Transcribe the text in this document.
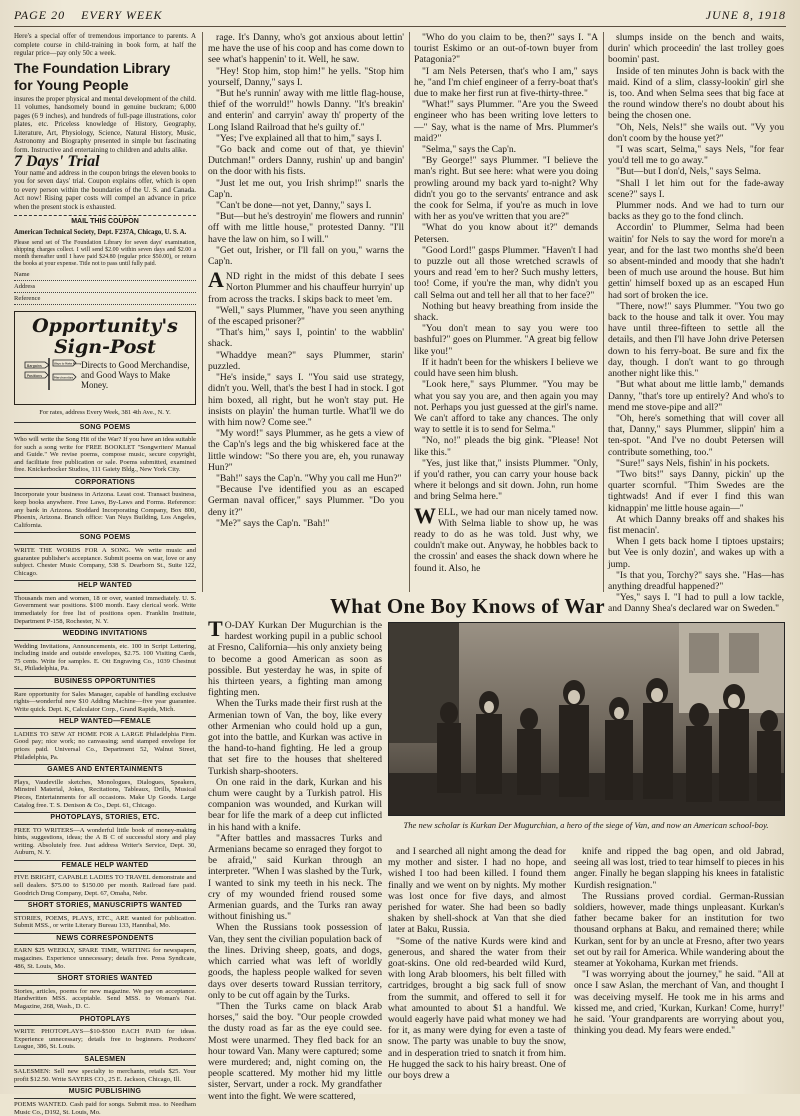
PAGE 20 EVERY WEEK	JUNE 8, 1918

Here's a special offer of tremendous importance to parents. A complete course in child-training in book form, at half the regular price—pay only 50c a week.

The Foundation Library
for Young People

insures the proper physical and mental development of the child. 11 volumes, handsomely bound in genuine buckram; 6,000 pages (6 9 inches), and hundreds of full-page illustrations, color plates, etc. Priceless knowledge of History, Geography, Literature, Art, Physiology, Science, Natural History, Music, Astronomy and Biography presented in simple but fascinating form. Instructive and entertaining to children and adults alike.

7 Days' Trial

Your name and address in the coupon brings the eleven books to you for seven days' trial. Coupon explains offer, which is open to every person within the boundaries of the U. S. and Canada. Act now! Rising paper costs will compel an advance in price when the present stock is exhausted.

MAIL THIS COUPON

American Technical Society, Dept. F237A, Chicago, U. S. A.

Please send set of The Foundation Library for seven days' examination, shipping charges collect. I will send $2.00 within seven days and $2.00 a month thereafter until I have paid $24.80 (regular price $50.00), or return the books at your expense. Title not to pass until fully paid.

Name
Address
Reference
Opportunity's
Sign-Post
Bargains	Ways to Make Money
Positions	Merchandise
Directs to Good Merchandise, and Good Ways to Make Money.
For rates, address Every Week, 381 4th Ave., N. Y.
SONG POEMS

Who will write the Song Hit of the War? If you have an idea suitable for such a song write for FREE BOOKLET "Songwriters' Manual and Guide." We revise poems, compose music, secure copyright, and facilitate free publication or sale. Poems submitted, examined free. Knickerbocker Studios, 111 Gaiety Bldg., New York City.

CORPORATIONS

Incorporate your business in Arizona. Least cost. Transact business, keep books anywhere. Free Laws, By-Laws and Forms. Reference: any bank in Arizona. Stoddard Incorporating Company, Box 800, Phoenix, Arizona. Branch office: Van Nuys Building, Los Angeles, California.

SONG POEMS

WRITE THE WORDS FOR A SONG. We write music and guarantee publisher's acceptance. Submit poems on war, love or any subject. Chester Music Company, 538 S. Dearborn St., Suite 122, Chicago.

HELP WANTED

Thousands men and women, 18 or over, wanted immediately. U. S. Government war positions. $100 month. Easy clerical work. Write immediately for free list of positions open. Franklin Institute, Department P-158, Rochester, N. Y.

WEDDING INVITATIONS

Wedding Invitations, Announcements, etc. 100 in Script Lettering, including inside and outside envelopes, $2.75. 100 Visiting Cards, 75 cents. Write for samples. E. Ott Engraving Co., 1039 Chestnut St., Philadelphia, Pa.

BUSINESS OPPORTUNITIES

Rare opportunity for Sales Manager, capable of handling exclusive rights—wonderful new $10 Adding Machine—five year guarantee. Write quick. Dept. K, Calculator Corp., Grand Rapids, Mich.

HELP WANTED—FEMALE

LADIES TO SEW AT HOME FOR A LARGE Philadelphia Firm. Good pay; nice work; no canvassing; send stamped envelope for prices paid. Universal Co., Department 52, Walnut Street, Philadelphia, Pa.

GAMES AND ENTERTAINMENTS

Plays, Vaudeville sketches, Monologues, Dialogues, Speakers, Minstrel Material, Jokes, Recitations, Tableaux, Drills, Musical Pieces, Entertainments for all occasions. Make Up Goods. Large Catalog free. T. S. Denison & Co., Dept. 61, Chicago.

PHOTOPLAYS, STORIES, ETC.

FREE TO WRITERS—A wonderful little book of money-making hints, suggestions, ideas; the A B C of successful story and play writing. Absolutely free. Just address Writer's Service, Dept. 30, Auburn, N. Y.

FEMALE HELP WANTED

FIVE BRIGHT, CAPABLE LADIES TO TRAVEL demonstrate and sell dealers. $75.00 to $150.00 per month. Railroad fare paid. Goodrich Drug Company, Dept. 67, Omaha, Nebr.

SHORT STORIES, MANUSCRIPTS WANTED

STORIES, POEMS, PLAYS, ETC., ARE wanted for publication. Submit MSS., or write Literary Bureau 133, Hannibal, Mo.

NEWS CORRESPONDENTS

EARN $25 WEEKLY, SPARE TIME, WRITING for newspapers, magazines. Experience unnecessary; details free. Press Syndicate, 486, St. Louis, Mo.

SHORT STORIES WANTED

Stories, articles, poems for new magazine. We pay on acceptance. Handwritten MSS. acceptable. Send MSS. to Woman's Nat. Magazine, 268, Wash., D. C.

PHOTOPLAYS

WRITE PHOTOPLAYS—$10-$500 EACH PAID for ideas. Experience unnecessary; details free to beginners. Producers' League, 386, St. Louis.

SALESMEN

SALESMEN: Sell new specialty to merchants, retails $25. Your profit $12.50. Write SAYERS CO., 25 E. Jackson, Chicago, Ill.

MUSIC PUBLISHING

POEMS WANTED. Cash paid for songs. Submit mss. to Needham Music Co., D192, St. Louis, Mo.

rage. It's Danny, who's got anxious about lettin' me have the use of his coop and has come down to see what's happenin' to it. Well, he saw.

"Hey! Stop him, stop him!" he yells. "Stop him yourself, Danny," says I.

"But he's runnin' away with me little flag-house, thief of the worruld!" howls Danny. "It's breakin' and enterin' and carryin' away th' property of the Long Island Railroad that he's guilty of."

"Yes; I've explained all that to him," says I.

"Go back and come out of that, ye thievin' Dutchman!" orders Danny, rushin' up and bangin' on the door with his fists.

"Just let me out, you Irish shrimp!" snarls the Cap'n.

"Can't be done—not yet, Danny," says I.

"But—but he's destroyin' me flowers and runnin' off with me little house," protested Danny. "I'll have the law on him, so I will."

"Get out, Irisher, or I'll fall on you," warns the Cap'n.

AND right in the midst of this debate I sees Norton Plummer and his chauffeur hurryin' up from across the tracks. I skips back to meet 'em.

"Well," says Plummer, "have you seen anything of the escaped prisoner?"

"That's him," says I, pointin' to the wabblin' shack.

"Whaddye mean?" says Plummer, starin' puzzled.

"He's inside," says I. "You said use strategy, didn't you. Well, that's the best I had in stock. I got him boxed, all right, but he won't stay put. He insists on playin' the human turtle. What'll we do with him now? Come see."

"My word!" says Plummer, as he gets a view of the Cap'n's legs and the big whiskered face at the little window: "So there you are, eh, you runaway Hun?"

"Bah!" says the Cap'n. "Why you call me Hun?"

"Because I've identified you as an escaped German naval officer," says Plummer. "Do you deny it?"

"Me?" says the Cap'n. "Bah!"

"Who do you claim to be, then?" says I. "A tourist Eskimo or an out-of-town buyer from Patagonia?"

"I am Nels Petersen, that's who I am," says he, "and I'm chief engineer of a ferry-boat that's due to make her first run at five-thirty-three."

"What!" says Plummer. "Are you the Sweed engineer who has been writing love letters to—" Say, what is the name of Mrs. Plummer's maid?"

"Selma," says the Cap'n.

"By George!" says Plummer. "I believe the man's right. But see here: what were you doing prowling around my back yard to-night? Why didn't you go to the servants' entrance and ask the cook for Selma, if you're as much in love with her as you've written that you are?"

"What do you know about it?" demands Petersen.

"Good Lord!" gasps Plummer. "Haven't I had to puzzle out all those wretched scrawls of yours and read 'em to her? Such mushy letters, too! Come, if you're the man, why didn't you call Selma out and tell her all that to her face?"

Nothing but heavy breathing from inside the shack.

"You don't mean to say you were too bashful?" goes on Plummer. "A great big fellow like you!"

If it hadn't been for the whiskers I believe we could have seen him blush.

"Look here," says Plummer. "You may be what you say you are, and then again you may not. Perhaps you just guessed at the girl's name. We can't afford to take any chances. The only way to settle it is to send for Selma."

"No, no!" pleads the big gink. "Please! Not like this."

"Yes, just like that," insists Plummer. "Only, if you'd rather, you can carry your house back where it belongs and sit down. John, run home and bring Selma here."

WELL, we had our man nicely tamed now. With Selma liable to show up, he was ready to do as he was told. Just why, we couldn't make out. Anyway, he hobbles back to the crossin' and eases the shack down where he found it. Also, he

slumps inside on the bench and waits, durin' which proceedin' the last trolley goes boomin' past.

Inside of ten minutes John is back with the maid. Kind of a slim, classy-lookin' girl she is, too. And when Selma sees that big face at the round window there's no doubt about his being the chosen one.

"Oh, Nels, Nels!" she wails out. "Vy you don't coom by the house yet?"

"I was scart, Selma," says Nels, "for fear you'd tell me to go away."

"But—but I don'd, Nels," says Selma.

"Shall I let him out for the fade-away scene?" says I.

Plummer nods. And we had to turn our backs as they go to the fond clinch.

Accordin' to Plummer, Selma had been waitin' for Nels to say the word for more'n a year, and for the last two months she'd been so absent-minded and moody that she hadn't been of much use around the house. But him gettin' himself boxed up as an escaped Hun had sort of broken the ice.

"There, now!" says Plummer. "You two go back to the house and talk it over. You may have until three-fifteen to settle all the details, and then I'll have John drive Petersen down to his ferry-boat. Be sure and fix the day, though. I don't want to go through another night like this."

"But what about me little lamb," demands Danny, "that's tore up entirely? And who's to mend me stove-pipe and all?"

"Oh, here's something that will cover all that, Danny," says Plummer, slippin' him a ten-spot. "And I've no doubt Petersen will contribute something, too."

"Sure!" says Nels, fishin' in his pockets.

"Two bits!" says Danny, pickin' up the quarter scornful. "Thim Swedes are the tightwads! And if ever I find this wan kidnappin' me little house again—"

At which Danny breaks off and shakes his fist menacin'.

When I gets back home I tiptoes upstairs; but Vee is only dozin', and wakes up with a jump.

"Is that you, Torchy?" says she. "Has—has anything dreadful happened?"

"Yes," says I. "I had to pull a low tackle, and Danny Shea's declared war on Sweden."

What One Boy Knows of War

T O-DAY Kurkan Der Mugurchian is the hardest working pupil in a public school at Fresno, California—his only anxiety being to become a good American as soon as possible. But yesterday he was, in spite of his thirteen years, a fighting man among fighting men.

When the Turks made their first rush at the Armenian town of Van, the boy, like every other Armenian who could hold up a gun, got into the battle, and Kurkan was active in the hand-to-hand fighting. He led a group that set fire to the houses that sheltered Turkish sharp-shooters.

On one raid in the dark, Kurkan and his chum were caught by a Turkish patrol. His companion was wounded, and Kurkan will bear for life the mark of a deep cut inflicted in his hand with a knife.

"After battles and massacres Turks and Armenians became so enraged they forgot to be afraid," said Kurkan through an interpreter. "When I was slashed by the Turk, I wanted to sink my teeth in his neck. The cry of my wounded friend roused some Armenian guards, and the Turks ran away without finishing us."

When the Russians took possession of Van, they sent the civilian population back of the lines. Driving sheep, goats, and dogs, which carried what was left of worldly goods, the hapless people walked for seven days over deserts toward Russian territory, only to be cut off again by the Turks.

"Then the Turks came on black Arab horses," said the boy. "Our people crowded the dusty road as far as the eye could see. Most were unarmed. They fled back for an hour toward Van. Many were captured; some were murdered; and, night coming on, the people scattered. My mother hid my little sister, Servart, under a rock. My grandfather went into the fight. We were scattered,

The new scholar is Kurkan Der Mugurchian, a hero of the siege of Van, and now an American school-boy.

and I searched all night among the dead for my mother and sister. I had no hope, and wished I too had been killed. I found them finally and we went on by nights. My mother was lost once for five days, and almost perished for water. She had been so badly shaken by shell-shock at Van that she died later at Baku, Russia.

"Some of the native Kurds were kind and generous, and shared the water from their goat-skins. One old red-bearded wild Kurd, with long Arab bloomers, his belt filled with cartridges, brought a big sack full of snow from the summit, and offered to sell it for what amounted to about $1 a handful. We would eagerly have paid what money we had for it, as many were dying for even a taste of snow. The party was unable to buy the snow, and in desperation tried to snatch it from him. He hugged the sack to his hairy breast. One of our boys drew a

knife and ripped the bag open, and old Jabrad, seeing all was lost, tried to tear himself to pieces in his anger. Finally he began slapping his knees in fatalistic Kurdish resignation."

The Russians proved cordial. German-Russian soldiers, however, made things unpleasant. Kurkan's father became baker for an institution for two thousand orphans at Baku, and remained there; while Kurkan, sent for by an uncle at Fresno, after two years set out by rail for America. While wandering about the steamer at Yokohama, Kurkan met friends.

"I was worrying about the journey," he said. "All at once I saw Aslan, the merchant of Van, and thought I was deceiving myself. He took me in his arms and kissed me, and cried, 'Kurkan, Kurkan! Come, hurry!' he said. 'Your grandparents are worrying about you, thinking you dead. My fears were ended."
